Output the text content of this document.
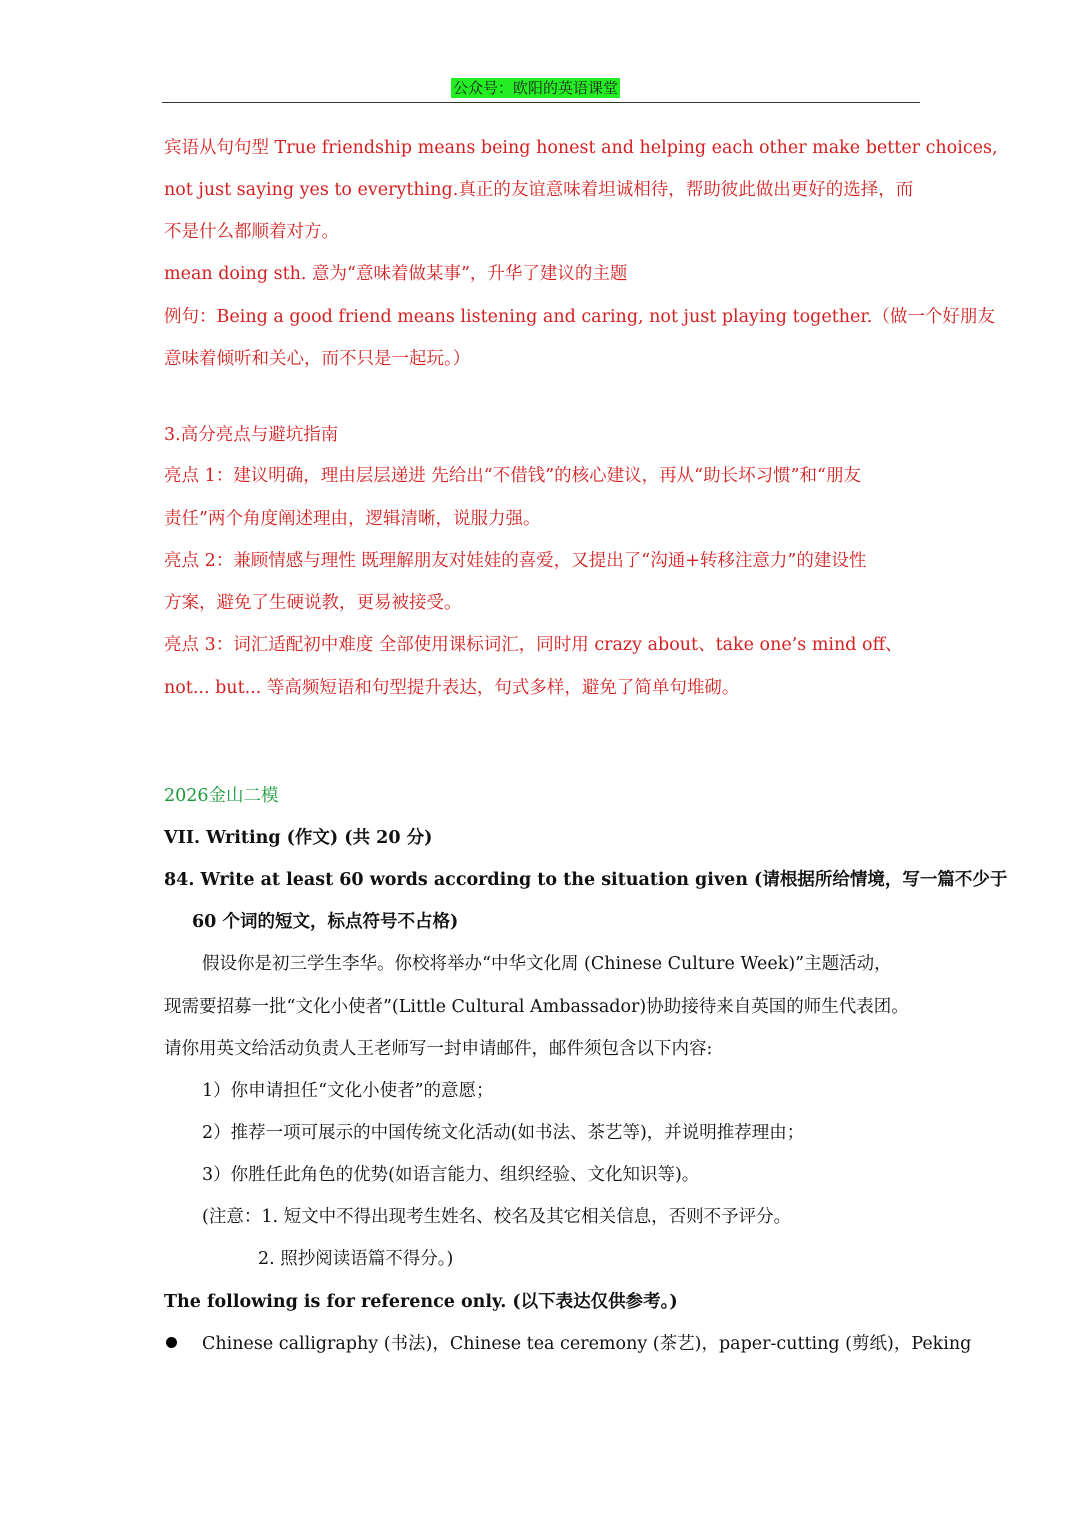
公众号：欧阳的英语课堂
宾语从句句型 True friendship means being honest and helping each other make better choices,
not just saying yes to everything.真正的友谊意味着坦诚相待，帮助彼此做出更好的选择，而
不是什么都顺着对方。
mean doing sth. 意为“意味着做某事”，升华了建议的主题
例句：Being a good friend means listening and caring, not just playing together.（做一个好朋友
意味着倾听和关心，而不只是一起玩。）
3.高分亮点与避坑指南
亮点 1：建议明确，理由层层递进 先给出“不借钱”的核心建议，再从“助长坏习惯”和“朋友
责任”两个角度阐述理由，逻辑清晰，说服力强。
亮点 2：兼顾情感与理性 既理解朋友对娃娃的喜爱，又提出了“沟通+转移注意力”的建设性
方案，避免了生硬说教，更易被接受。
亮点 3：词汇适配初中难度 全部使用课标词汇，同时用 crazy about、take one’s mind off、
not... but... 等高频短语和句型提升表达，句式多样，避免了简单句堆砌。
2026金山二模
VII. Writing (作文) (共 20 分)
84. Write at least 60 words according to the situation given (请根据所给情境，写一篇不少于
60 个词的短文，标点符号不占格)
假设你是初三学生李华。你校将举办“中华文化周 (Chinese Culture Week)”主题活动，
现需要招募一批“文化小使者”(Little Cultural Ambassador)协助接待来自英国的师生代表团。
请你用英文给活动负责人王老师写一封申请邮件，邮件须包含以下内容:
1）你申请担任“文化小使者”的意愿；
2）推荐一项可展示的中国传统文化活动(如书法、茶艺等)，并说明推荐理由；
3）你胜任此角色的优势(如语言能力、组织经验、文化知识等)。
(注意：1. 短文中不得出现考生姓名、校名及其它相关信息，否则不予评分。
2. 照抄阅读语篇不得分。)
The following is for reference only. (以下表达仅供参考。)
Chinese calligraphy (书法)，Chinese tea ceremony (茶艺)，paper-cutting (剪纸)，Peking
